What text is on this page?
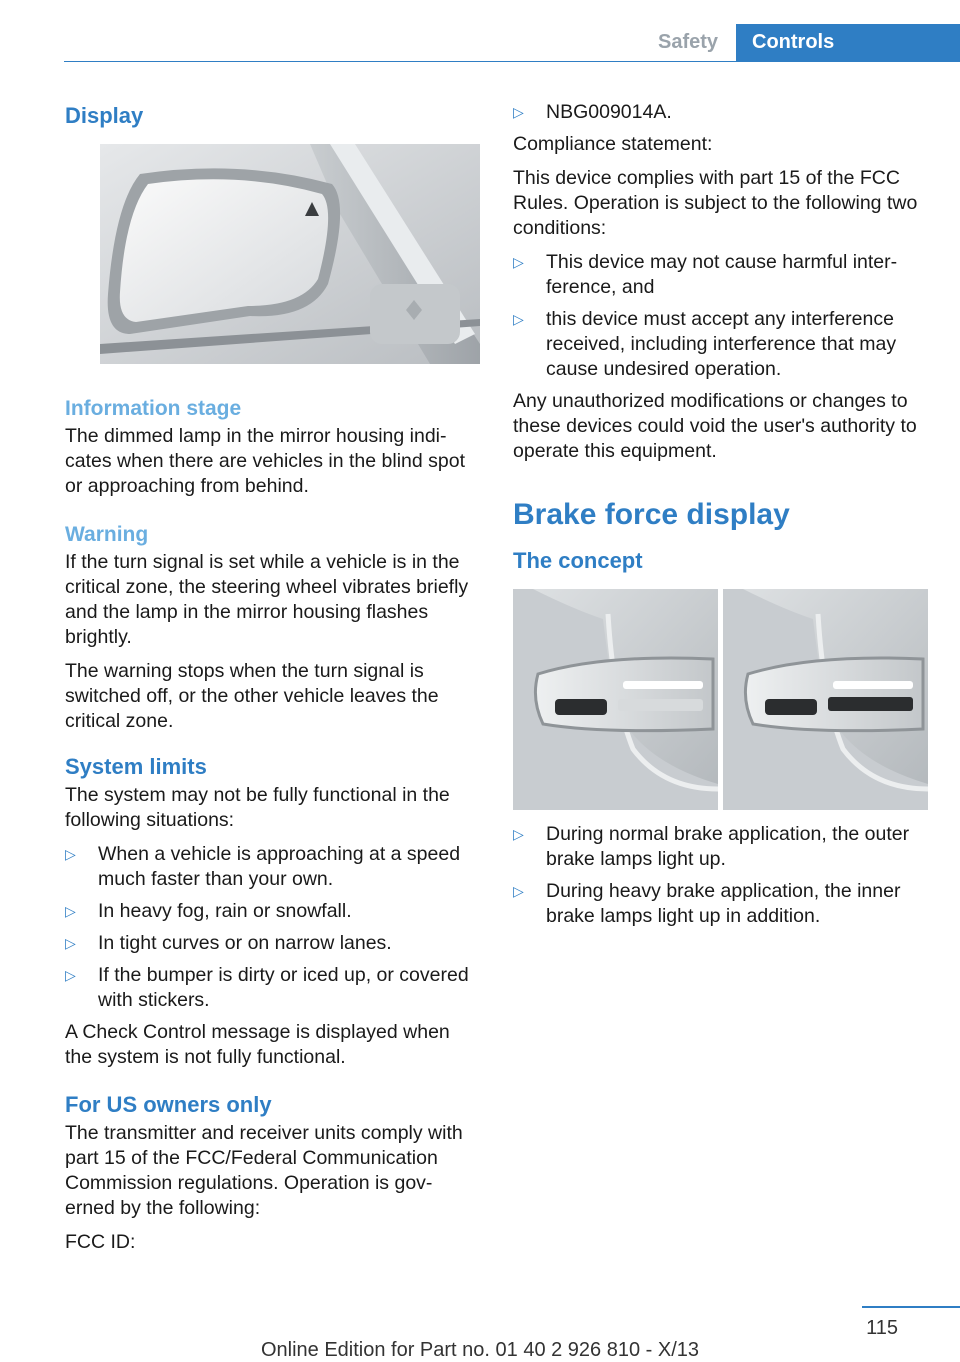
Safety	Controls
Display
Information stage

The dimmed lamp in the mirror housing indi‐cates when there are vehicles in the blind spot or approaching from behind.

Warning

If the turn signal is set while a vehicle is in the critical zone, the steering wheel vibrates briefly and the lamp in the mirror housing flashes brightly.

The warning stops when the turn signal is switched off, or the other vehicle leaves the critical zone.

System limits

The system may not be fully functional in the following situations:

▷ When a vehicle is approaching at a speed much faster than your own.
▷ In heavy fog, rain or snowfall.
▷ In tight curves or on narrow lanes.
▷ If the bumper is dirty or iced up, or covered with stickers.

A Check Control message is displayed when the system is not fully functional.

For US owners only

The transmitter and receiver units comply with part 15 of the FCC/Federal Communication Commission regulations. Operation is gov‐erned by the following:

FCC ID:

▷ NBG009014A.

Compliance statement:

This device complies with part 15 of the FCC Rules. Operation is subject to the following two conditions:

▷ This device may not cause harmful inter‐ference, and
▷ this device must accept any interference received, including interference that may cause undesired operation.

Any unauthorized modifications or changes to these devices could void the user's authority to operate this equipment.

Brake force display
The concept
▷ During normal brake application, the outer brake lamps light up.
▷ During heavy brake application, the inner brake lamps light up in addition.
115
Online Edition for Part no. 01 40 2 926 810 - X/13
